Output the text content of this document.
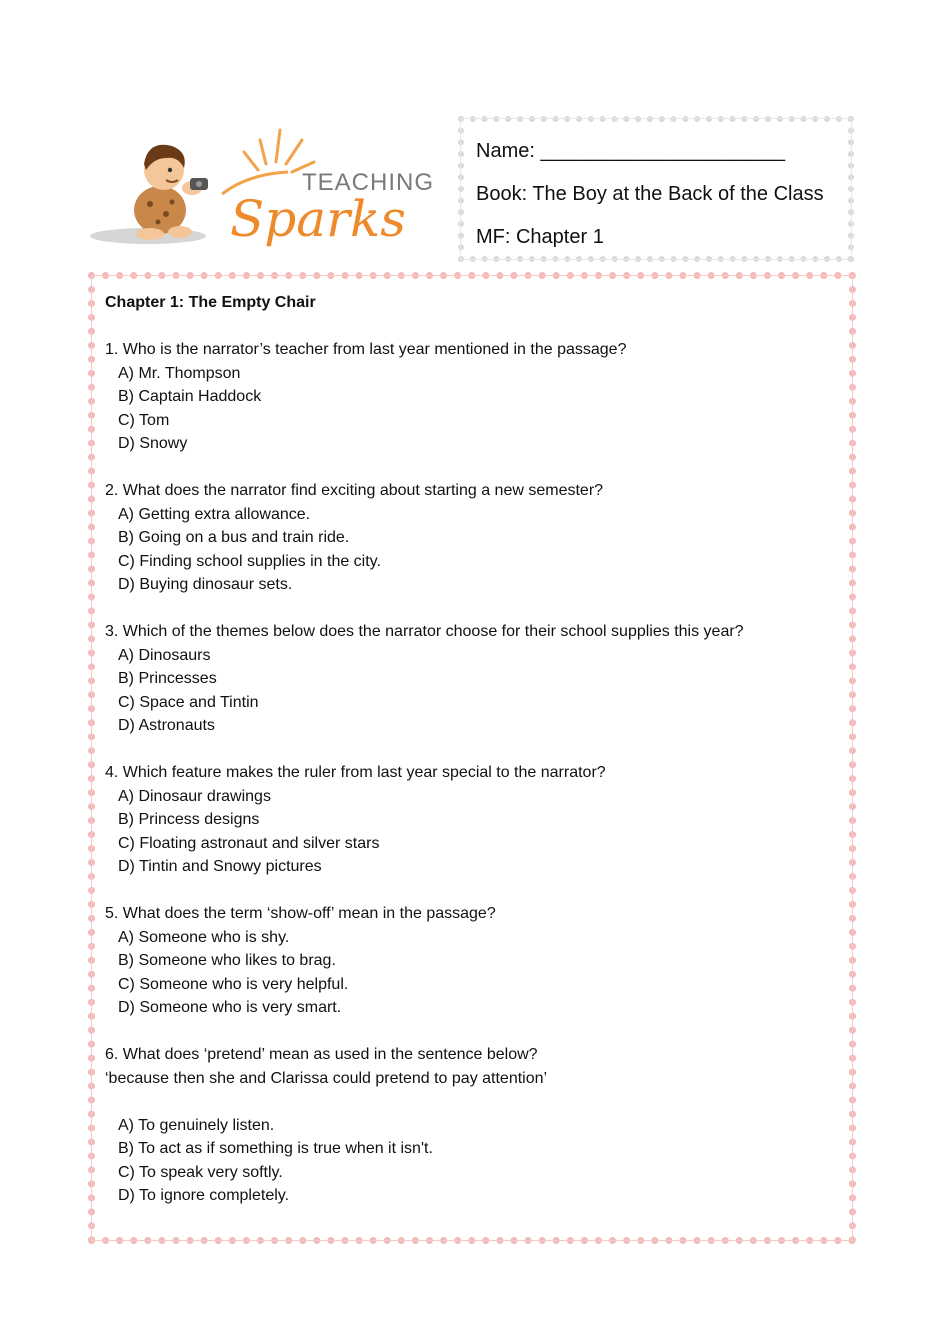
TEACHING
Sparks
Name: ______________________
Book: The Boy at the Back of the Class
MF: Chapter 1
Chapter 1: The Empty Chair
1. Who is the narrator’s teacher from last year mentioned in the passage?
A) Mr. Thompson
B) Captain Haddock
C) Tom
D) Snowy
2. What does the narrator find exciting about starting a new semester?
A) Getting extra allowance.
B) Going on a bus and train ride.
C) Finding school supplies in the city.
D) Buying dinosaur sets.
3. Which of the themes below does the narrator choose for their school supplies this year?
A) Dinosaurs
B) Princesses
C) Space and Tintin
D) Astronauts
4. Which feature makes the ruler from last year special to the narrator?
A) Dinosaur drawings
B) Princess designs
C) Floating astronaut and silver stars
D) Tintin and Snowy pictures
5. What does the term ‘show-off’ mean in the passage?
A) Someone who is shy.
B) Someone who likes to brag.
C) Someone who is very helpful.
D) Someone who is very smart.
6. What does ‘pretend’ mean as used in the sentence below?
‘because then she and Clarissa could pretend to pay attention’
A) To genuinely listen.
B) To act as if something is true when it isn't.
C) To speak very softly.
D) To ignore completely.
